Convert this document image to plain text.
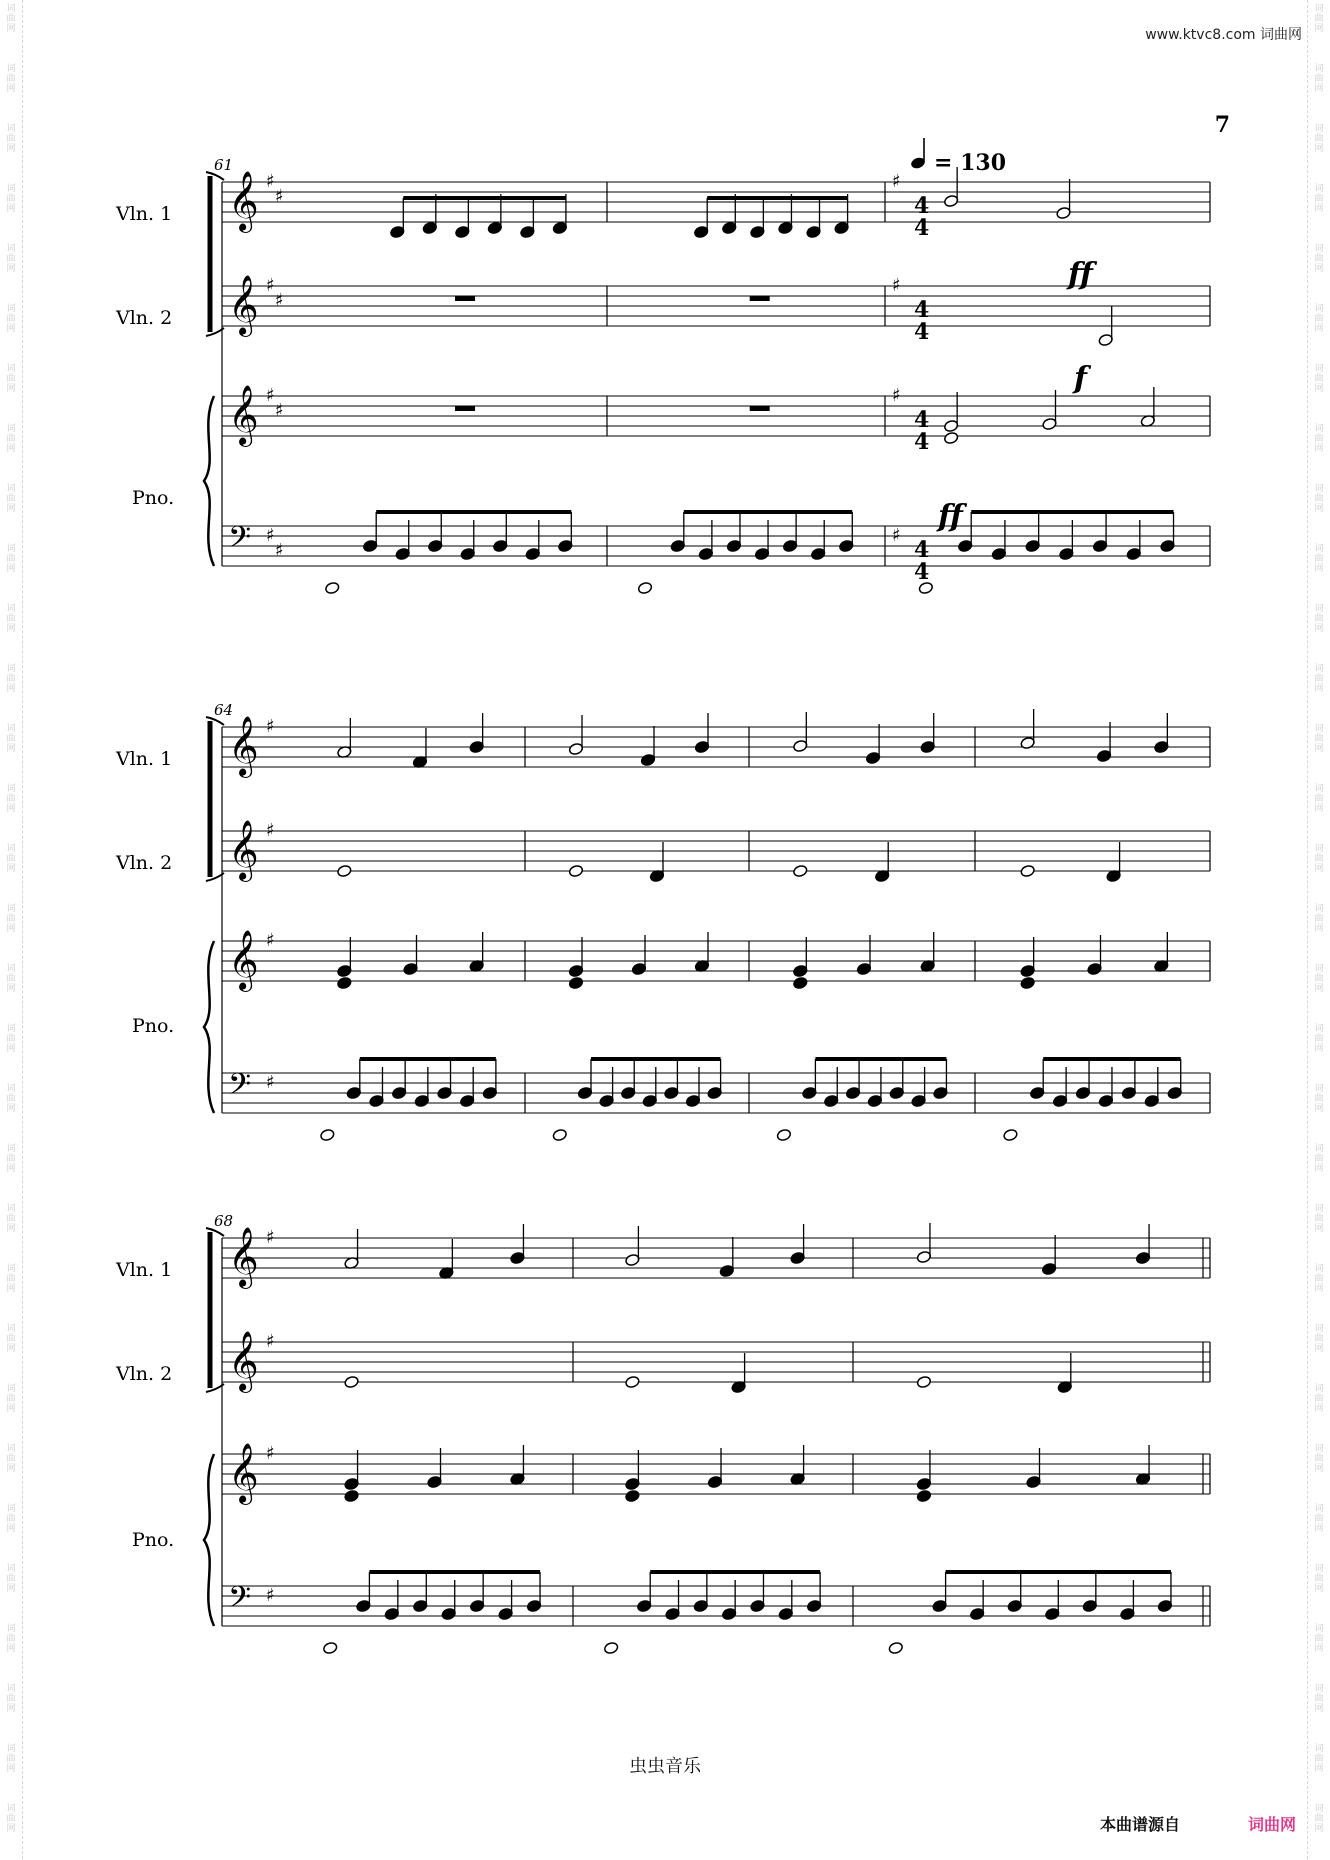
词
曲
网
词
曲
网
词
曲
网
词
曲
网
词
曲
网
词
曲
网
词
曲
网
词
曲
网
词
曲
网
词
曲
网
词
曲
网
词
曲
网
词
曲
网
词
曲
网
词
曲
网
词
曲
网
词
曲
网
词
曲
网
词
曲
网
词
曲
网
词
曲
网
词
曲
网
词
曲
网
词
曲
网
词
曲
网
词
曲
网
词
曲
网
词
曲
网
词
曲
网
词
曲
网
词
曲
网
词
曲
网
词
曲
网
词
曲
网
词
曲
网
词
曲
网
词
曲
网
词
曲
网
词
曲
网
词
曲
网
词
曲
网
词
曲
网
词
曲
网
词
曲
网
词
曲
网
词
曲
网
词
曲
网
词
曲
网
词
曲
网
词
曲
网
词
曲
网
词
曲
网
词
曲
网
词
曲
网
词
曲
网
词
曲
网
词
曲
网
词
曲
网
词
曲
网
词
曲
网
词
曲
网
词
曲
网
www.ktvc8.com 词曲网
7
𝄞 ♯
♯
♯
𝄞 ♯
♯
♯
𝄞 ♯
♯
♯
𝄢 ♯
♯
♯
𝄞 ♯
𝄞 ♯
𝄞 ♯
𝄢 ♯
𝄞 ♯
𝄞 ♯
𝄞 ♯
𝄢 ♯
= 130
61
64
68
Vln. 1
Vln. 2
Pno.
Vln. 1
Vln. 2
Pno.
Vln. 1
Vln. 2
Pno.
4
4
4
4
4
4
4
4
ff
f
ff
虫虫音乐
本曲谱源自	词曲网
